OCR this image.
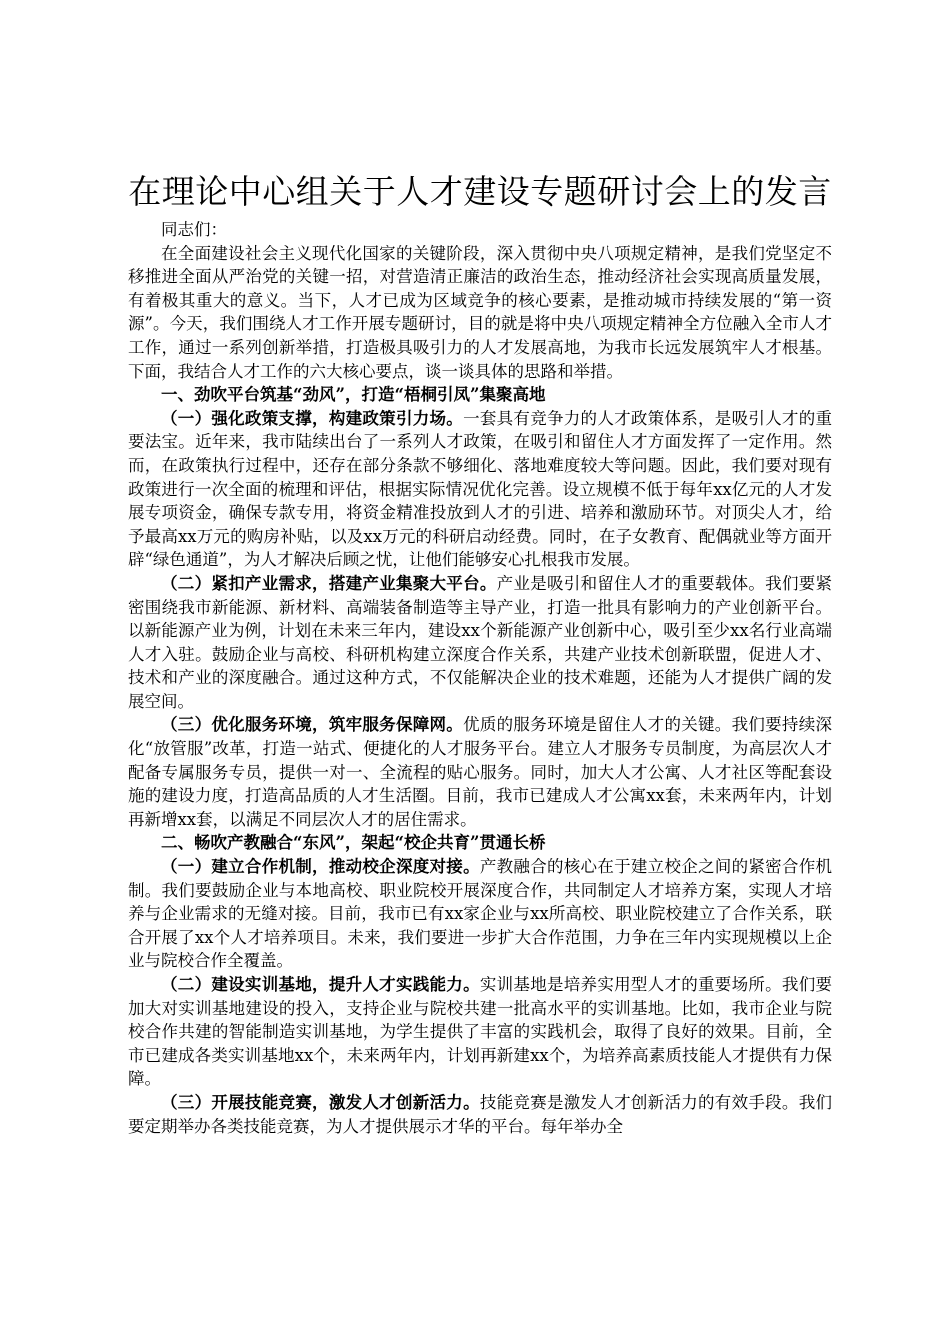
在理论中心组关于人才建设专题研讨会上的发言

同志们：

在全面建设社会主义现代化国家的关键阶段，深入贯彻中央八项规定精神，是我们党坚定不移推进全面从严治党的关键一招，对营造清正廉洁的政治生态，推动经济社会实现高质量发展，有着极其重大的意义。当下，人才已成为区域竞争的核心要素，是推动城市持续发展的“第一资源”。今天，我们围绕人才工作开展专题研讨，目的就是将中央八项规定精神全方位融入全市人才工作，通过一系列创新举措，打造极具吸引力的人才发展高地，为我市长远发展筑牢人才根基。下面，我结合人才工作的六大核心要点，谈一谈具体的思路和举措。

一、劲吹平台筑基“劲风”，打造“梧桐引凤”集聚高地

（一）强化政策支撑，构建政策引力场。一套具有竞争力的人才政策体系，是吸引人才的重要法宝。近年来，我市陆续出台了一系列人才政策，在吸引和留住人才方面发挥了一定作用。然而，在政策执行过程中，还存在部分条款不够细化、落地难度较大等问题。因此，我们要对现有政策进行一次全面的梳理和评估，根据实际情况优化完善。设立规模不低于每年xx亿元的人才发展专项资金，确保专款专用，将资金精准投放到人才的引进、培养和激励环节。对顶尖人才，给予最高xx万元的购房补贴，以及xx万元的科研启动经费。同时，在子女教育、配偶就业等方面开辟“绿色通道”，为人才解决后顾之忧，让他们能够安心扎根我市发展。

（二）紧扣产业需求，搭建产业集聚大平台。产业是吸引和留住人才的重要载体。我们要紧密围绕我市新能源、新材料、高端装备制造等主导产业，打造一批具有影响力的产业创新平台。以新能源产业为例，计划在未来三年内，建设xx个新能源产业创新中心，吸引至少xx名行业高端人才入驻。鼓励企业与高校、科研机构建立深度合作关系，共建产业技术创新联盟，促进人才、技术和产业的深度融合。通过这种方式，不仅能解决企业的技术难题，还能为人才提供广阔的发展空间。

（三）优化服务环境，筑牢服务保障网。优质的服务环境是留住人才的关键。我们要持续深化“放管服”改革，打造一站式、便捷化的人才服务平台。建立人才服务专员制度，为高层次人才配备专属服务专员，提供一对一、全流程的贴心服务。同时，加大人才公寓、人才社区等配套设施的建设力度，打造高品质的人才生活圈。目前，我市已建成人才公寓xx套，未来两年内，计划再新增xx套，以满足不同层次人才的居住需求。

二、畅吹产教融合“东风”，架起“校企共育”贯通长桥

（一）建立合作机制，推动校企深度对接。产教融合的核心在于建立校企之间的紧密合作机制。我们要鼓励企业与本地高校、职业院校开展深度合作，共同制定人才培养方案，实现人才培养与企业需求的无缝对接。目前，我市已有xx家企业与xx所高校、职业院校建立了合作关系，联合开展了xx个人才培养项目。未来，我们要进一步扩大合作范围，力争在三年内实现规模以上企业与院校合作全覆盖。

（二）建设实训基地，提升人才实践能力。实训基地是培养实用型人才的重要场所。我们要加大对实训基地建设的投入，支持企业与院校共建一批高水平的实训基地。比如，我市企业与院校合作共建的智能制造实训基地，为学生提供了丰富的实践机会，取得了良好的效果。目前，全市已建成各类实训基地xx个，未来两年内，计划再新建xx个，为培养高素质技能人才提供有力保障。

（三）开展技能竞赛，激发人才创新活力。技能竞赛是激发人才创新活力的有效手段。我们要定期举办各类技能竞赛，为人才提供展示才华的平台。每年举办全
